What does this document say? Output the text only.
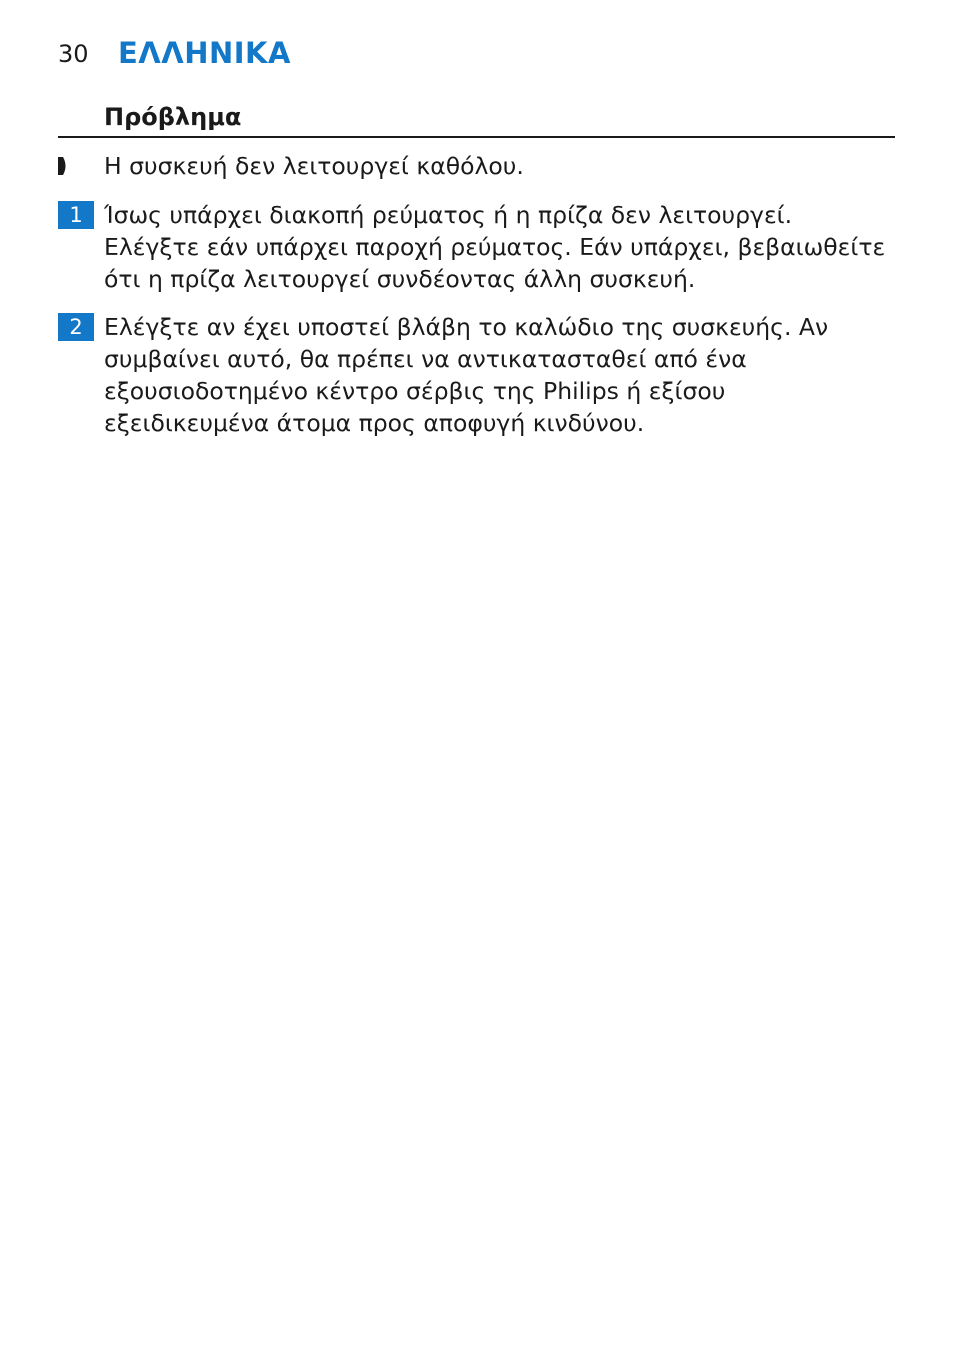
30 ΕΛΛΗΝΙΚΑ
Πρόβλημα
Η συσκευή δεν λειτουργεί καθόλου.
1 Ίσως υπάρχει διακοπή ρεύματος ή η πρίζα δεν λειτουργεί.
Ελέγξτε εάν υπάρχει παροχή ρεύματος. Εάν υπάρχει, βεβαιωθείτε
ότι η πρίζα λειτουργεί συνδέοντας άλλη συσκευή.
2 Ελέγξτε αν έχει υποστεί βλάβη το καλώδιο της συσκευής. Αν
συμβαίνει αυτό, θα πρέπει να αντικατασταθεί από ένα
εξουσιοδοτημένο κέντρο σέρβις της Philips ή εξίσου
εξειδικευμένα άτομα προς αποφυγή κινδύνου.
